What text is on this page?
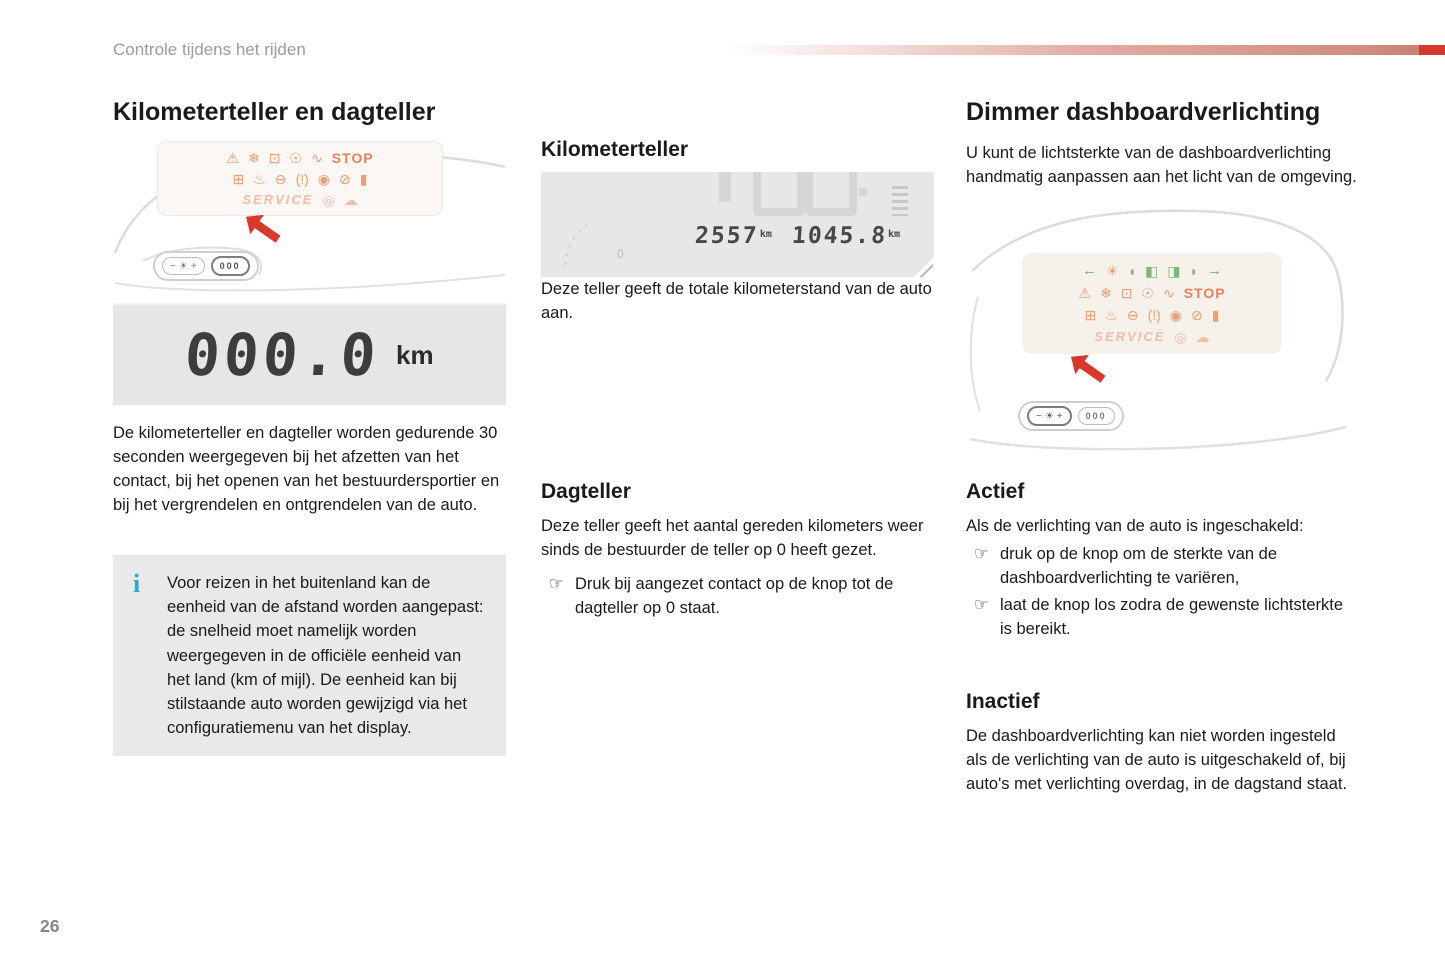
Controle tijdens het rijden
Kilometerteller en dagteller
⚠ ❄ ⊡ ☉ ∿ STOP
⊞ ♨ ⊖ (!) ◉ ⊘ ▮
SERVICE ◎ ☁
− ☀ +	000
000.0 km

De kilometerteller en dagteller worden gedurende 30 seconden weergegeven bij het afzetten van het contact, bij het openen van het bestuurdersportier en bij het vergrendelen en ontgrendelen van de auto.

i Voor reizen in het buitenland kan de eenheid van de afstand worden aangepast: de snelheid moet namelijk worden weergegeven in de officiële eenheid van het land (km of mijl). De eenheid kan bij stilstaande auto worden gewijzigd via het configuratiemenu van het display.

Kilometerteller
0
$2557^{km}$ $1045.8^{km}$

Deze teller geeft de totale kilometerstand van de auto aan.

Dagteller

Deze teller geeft het aantal gereden kilometers weer sinds de bestuurder de teller op 0 heeft gezet.

☞ Druk bij aangezet contact op de knop tot de dagteller op 0 staat.
Dimmer dashboardverlichting

U kunt de lichtsterkte van de dashboardverlichting handmatig aanpassen aan het licht van de omgeving.

← ☀ ◖ ◧ ◨ ◗ →
⚠ ❄ ⊡ ☉ ∿ STOP
⊞ ♨ ⊖ (!) ◉ ⊘ ▮
SERVICE ◎ ☁
− ☀ +	000
Actief

Als de verlichting van de auto is ingeschakeld:

☞ druk op de knop om de sterkte van de dashboardverlichting te variëren,
☞ laat de knop los zodra de gewenste lichtsterkte is bereikt.
Inactief

De dashboardverlichting kan niet worden ingesteld als de verlichting van de auto is uitgeschakeld of, bij auto's met verlichting overdag, in de dagstand staat.

26
